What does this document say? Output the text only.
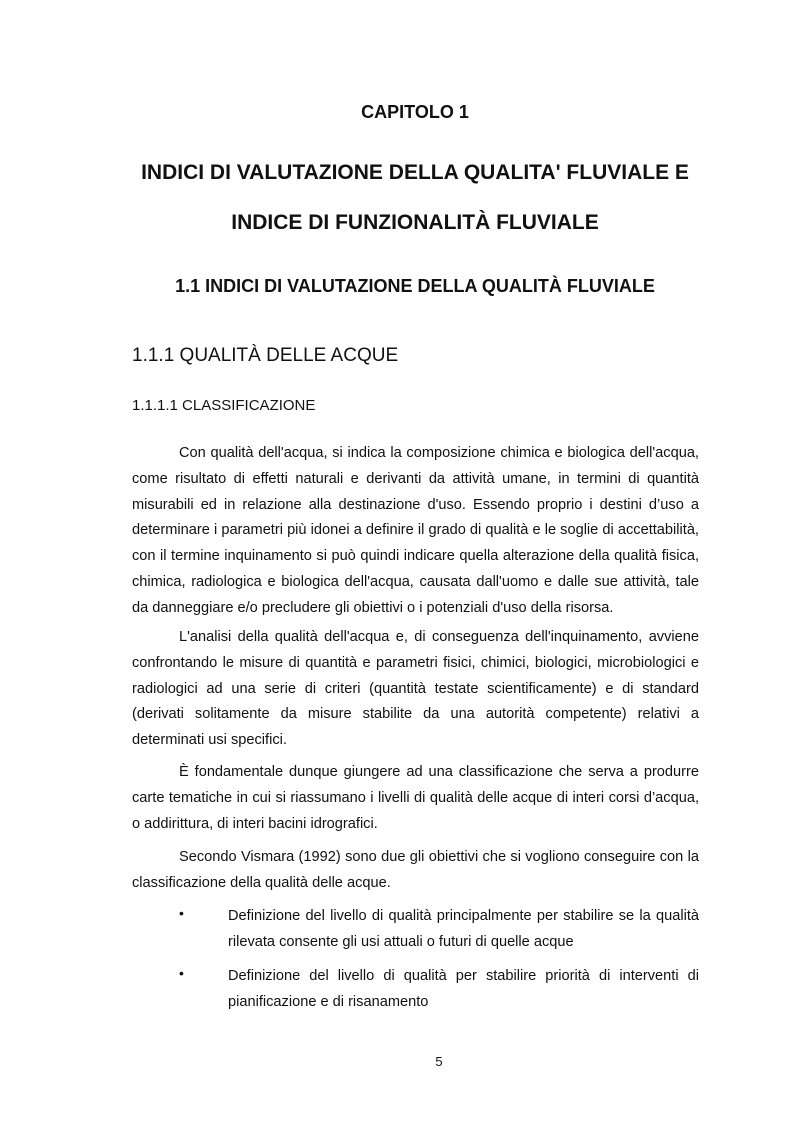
CAPITOLO 1
INDICI DI VALUTAZIONE DELLA QUALITA' FLUVIALE E
INDICE DI FUNZIONALITÀ FLUVIALE
1.1 INDICI DI VALUTAZIONE DELLA QUALITÀ FLUVIALE
1.1.1 QUALITÀ DELLE ACQUE
1.1.1.1 CLASSIFICAZIONE

Con qualità dell'acqua, si indica la composizione chimica e biologica dell'acqua, come risultato di effetti naturali e derivanti da attività umane, in termini di quantità misurabili ed in relazione alla destinazione d'uso. Essendo proprio i destini d’uso a determinare i parametri più idonei a definire il grado di qualità e le soglie di accettabilità, con il termine inquinamento si può quindi indicare quella alterazione della qualità fisica, chimica, radiologica e biologica dell'acqua, causata dall'uomo e dalle sue attività, tale da danneggiare e/o precludere gli obiettivi o i potenziali d'uso della risorsa.

L'analisi della qualità dell'acqua e, di conseguenza dell'inquinamento, avviene confrontando le misure di quantità e parametri fisici, chimici, biologici, microbiologici e radiologici ad una serie di criteri (quantità testate scientificamente) e di standard (derivati solitamente da misure stabilite da una autorità competente) relativi a determinati usi specifici.

È fondamentale dunque giungere ad una classificazione che serva a produrre carte tematiche in cui si riassumano i livelli di qualità delle acque di interi corsi d’acqua, o addirittura, di interi bacini idrografici.

Secondo Vismara (1992) sono due gli obiettivi che si vogliono conseguire con la classificazione della qualità delle acque.

•	Definizione del livello di qualità principalmente per stabilire se la qualità rilevata consente gli usi attuali o futuri di quelle acque
•	Definizione del livello di qualità per stabilire priorità di interventi di pianificazione e di risanamento
5
